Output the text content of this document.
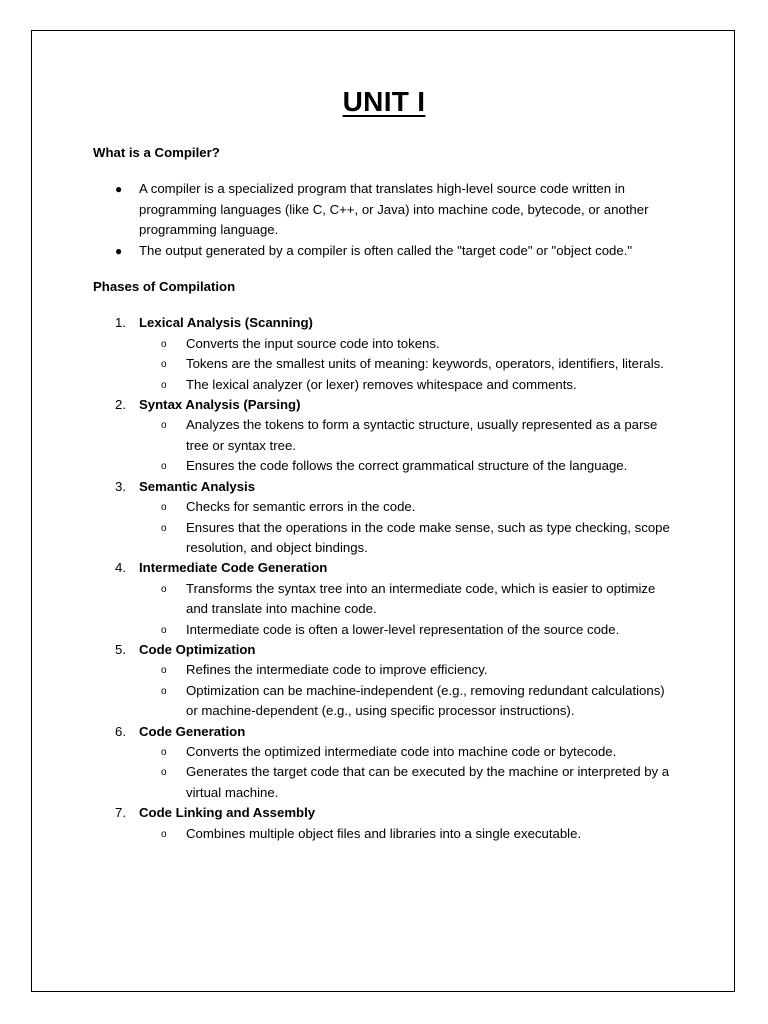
UNIT I

What is a Compiler?

● A compiler is a specialized program that translates high-level source code written in programming languages (like C, C++, or Java) into machine code, bytecode, or another programming language.
● The output generated by a compiler is often called the "target code" or "object code."

Phases of Compilation

1. Lexical Analysis (Scanning)
o Converts the input source code into tokens.
o Tokens are the smallest units of meaning: keywords, operators, identifiers, literals.
o The lexical analyzer (or lexer) removes whitespace and comments.
2. Syntax Analysis (Parsing)
o Analyzes the tokens to form a syntactic structure, usually represented as a parse tree or syntax tree.
o Ensures the code follows the correct grammatical structure of the language.
3. Semantic Analysis
o Checks for semantic errors in the code.
o Ensures that the operations in the code make sense, such as type checking, scope resolution, and object bindings.
4. Intermediate Code Generation
o Transforms the syntax tree into an intermediate code, which is easier to optimize and translate into machine code.
o Intermediate code is often a lower-level representation of the source code.
5. Code Optimization
o Refines the intermediate code to improve efficiency.
o Optimization can be machine-independent (e.g., removing redundant calculations) or machine-dependent (e.g., using specific processor instructions).
6. Code Generation
o Converts the optimized intermediate code into machine code or bytecode.
o Generates the target code that can be executed by the machine or interpreted by a virtual machine.
7. Code Linking and Assembly
o Combines multiple object files and libraries into a single executable.
